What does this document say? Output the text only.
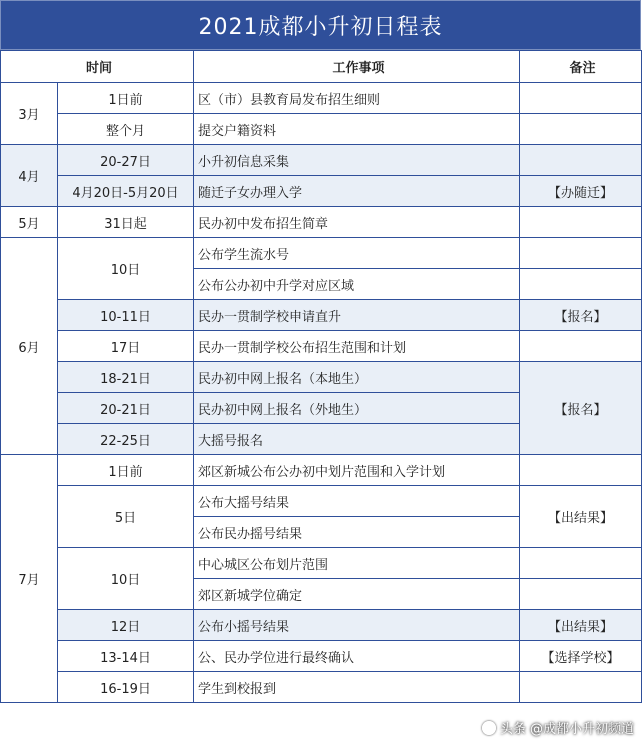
2021成都小升初日程表
时间		工作事项	备注
3月	1日前	区（市）县教育局发布招生细则	
	整个月	提交户籍资料	
4月	20-27日	小升初信息采集	
	4月20日-5月20日	随迁子女办理入学	【办随迁】
5月	31日起	民办初中发布招生简章	
6月	10日	公布学生流水号	
		公布公办初中升学对应区域	
	10-11日	民办一贯制学校申请直升	【报名】
	17日	民办一贯制学校公布招生范围和计划	
	18-21日	民办初中网上报名（本地生）	【报名】
	20-21日	民办初中网上报名（外地生）	
	22-25日	大摇号报名	
7月	1日前	郊区新城公布公办初中划片范围和入学计划	
	5日	公布大摇号结果	【出结果】
		公布民办摇号结果	
	10日	中心城区公布划片范围	
		郊区新城学位确定	
	12日	公布小摇号结果	【出结果】
	13-14日	公、民办学位进行最终确认	【选择学校】
	16-19日	学生到校报到	
头条 @成都小升初频道
